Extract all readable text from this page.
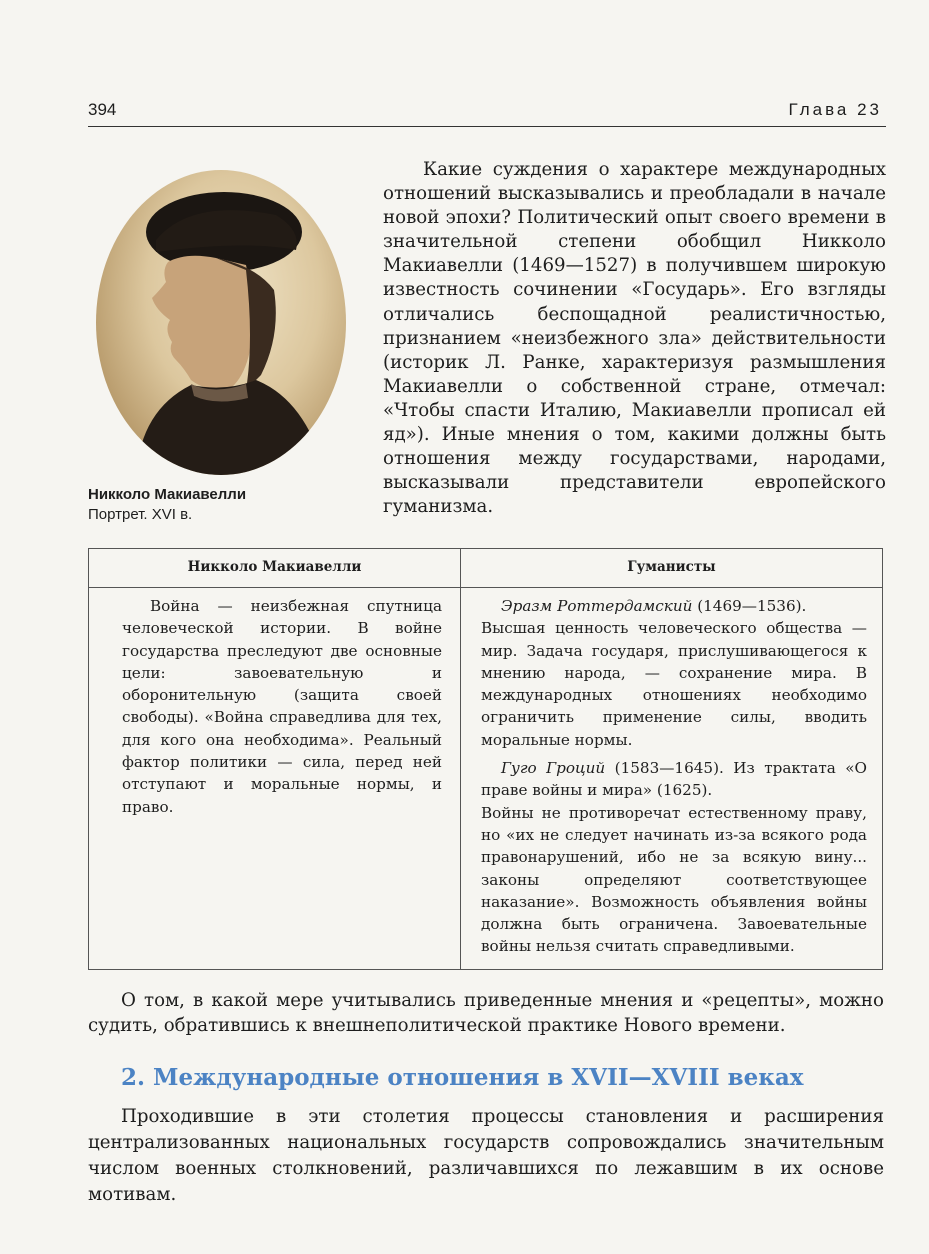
394	Глава 23
Никколо Макиавелли
Портрет. XVI в.

Какие суждения о характере международных отношений высказывались и преобладали в начале новой эпохи? Политический опыт своего времени в значительной степени обобщил Никколо Макиавелли (1469—1527) в получившем широкую известность сочинении «Государь». Его взгляды отличались беспощадной реалистичностью, признанием «неизбежного зла» действительности (историк Л. Ранке, характеризуя размышления Макиавелли о собственной стране, отмечал: «Чтобы спасти Италию, Макиавелли прописал ей яд»). Иные мнения о том, какими должны быть отношения между государствами, народами, высказывали представители европейского гуманизма.

Никколо Макиавелли	Гуманисты

Война — неизбежная спутница человеческой истории. В войне государства преследуют две основные цели: завоевательную и оборонительную (защита своей свободы). «Война справедлива для тех, для кого она необходима». Реальный фактор политики — сила, перед ней отступают и моральные нормы, и право.

Эразм Роттердамский (1469—1536).

Высшая ценность человеческого общества — мир. Задача государя, прислушивающегося к мнению народа, — сохранение мира. В международных отношениях необходимо ограничить применение силы, вводить моральные нормы.

Гуго Гроций (1583—1645). Из трактата «О праве войны и мира» (1625).

Войны не противоречат естественному праву, но «их не следует начинать из-за всякого рода правонарушений, ибо не за всякую вину... законы определяют соответствующее наказание». Возможность объявления войны должна быть ограничена. Завоевательные войны нельзя считать справедливыми.

О том, в какой мере учитывались приведенные мнения и «рецепты», можно судить, обратившись к внешнеполитической практике Нового времени.

2. Международные отношения в XVII—XVIII веках

Проходившие в эти столетия процессы становления и расширения централизованных национальных государств сопровождались значительным числом военных столкновений, различавшихся по лежавшим в их основе мотивам.
